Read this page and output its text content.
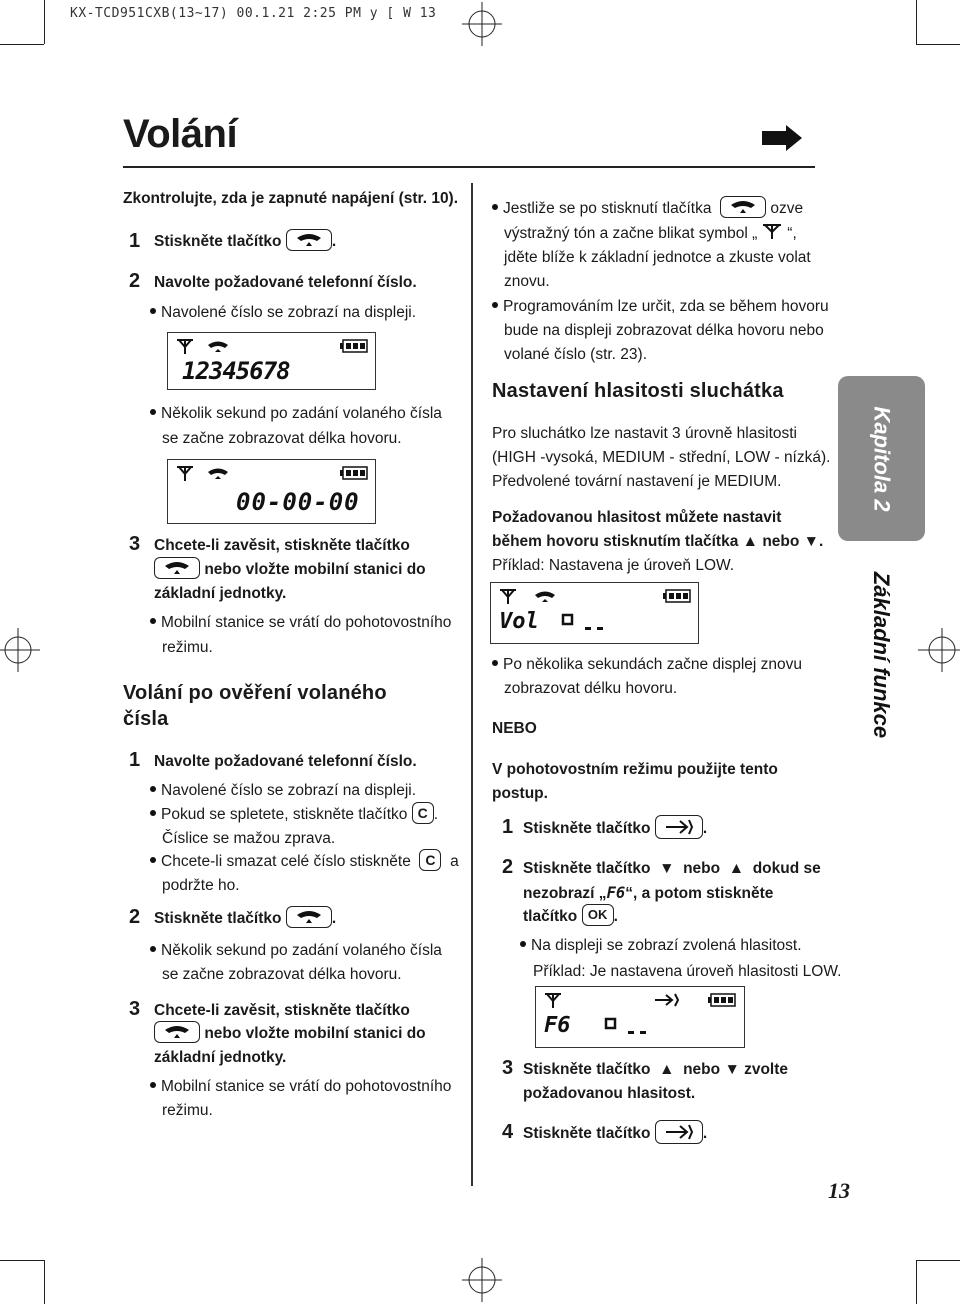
KX-TCD951CXB(13~17) 00.1.21 2:25 PM y [ W 13
Volání
Zkontrolujte, zda je zapnuté napájení (str. 10).
1 Stiskněte tlačítko	.
2 Navolte požadované telefonní číslo.
Navolené číslo se zobrazí na displeji.
12345678
Několik sekund po zadání volaného čísla
se začne zobrazovat délka hovoru.
00-00-00
3 Chcete-li zavěsit, stiskněte tlačítko
nebo vložte mobilní stanici do
základní jednotky.
Mobilní stanice se vrátí do pohotovostního
režimu.
Volání po ověření volaného
čísla
1 Navolte požadované telefonní číslo.
Navolené číslo se zobrazí na displeji.
Pokud se spletete, stiskněte tlačítko C .
Číslice se mažou zprava.
Chcete-li smazat celé číslo stiskněte C a
podržte ho.
2 Stiskněte tlačítko	.
Několik sekund po zadání volaného čísla
se začne zobrazovat délka hovoru.
3 Chcete-li zavěsit, stiskněte tlačítko
nebo vložte mobilní stanici do
základní jednotky.
Mobilní stanice se vrátí do pohotovostního
režimu.
Jestliže se po stisknutí tlačítka	ozve
výstražný tón a začne blikat symbol „ “,
jděte blíže k základní jednotce a zkuste volat
znovu.
Programováním lze určit, zda se během hovoru
bude na displeji zobrazovat délka hovoru nebo
volané číslo (str. 23).
Nastavení hlasitosti sluchátka
Pro sluchátko lze nastavit 3 úrovně hlasitosti
(HIGH -vysoká, MEDIUM - střední, LOW - nízká).
Předvolené tovární nastavení je MEDIUM.
Požadovanou hlasitost můžete nastavit
během hovoru stisknutím tlačítka ▲ nebo ▼.
Příklad: Nastavena je úroveň LOW.
Vol
Po několika sekundách začne displej znovu
zobrazovat délku hovoru.
NEBO
V pohotovostním režimu použijte tento
postup.
1 Stiskněte tlačítko	.
2 Stiskněte tlačítko ▼ nebo ▲ dokud se
nezobrazí „F6“, a potom stiskněte
tlačítko OK .
Na displeji se zobrazí zvolená hlasitost.
Příklad: Je nastavena úroveň hlasitosti LOW.
F6
3 Stiskněte tlačítko ▲ nebo ▼ zvolte
požadovanou hlasitost.
4 Stiskněte tlačítko	.
Kapitola 2
Základní funkce
13
